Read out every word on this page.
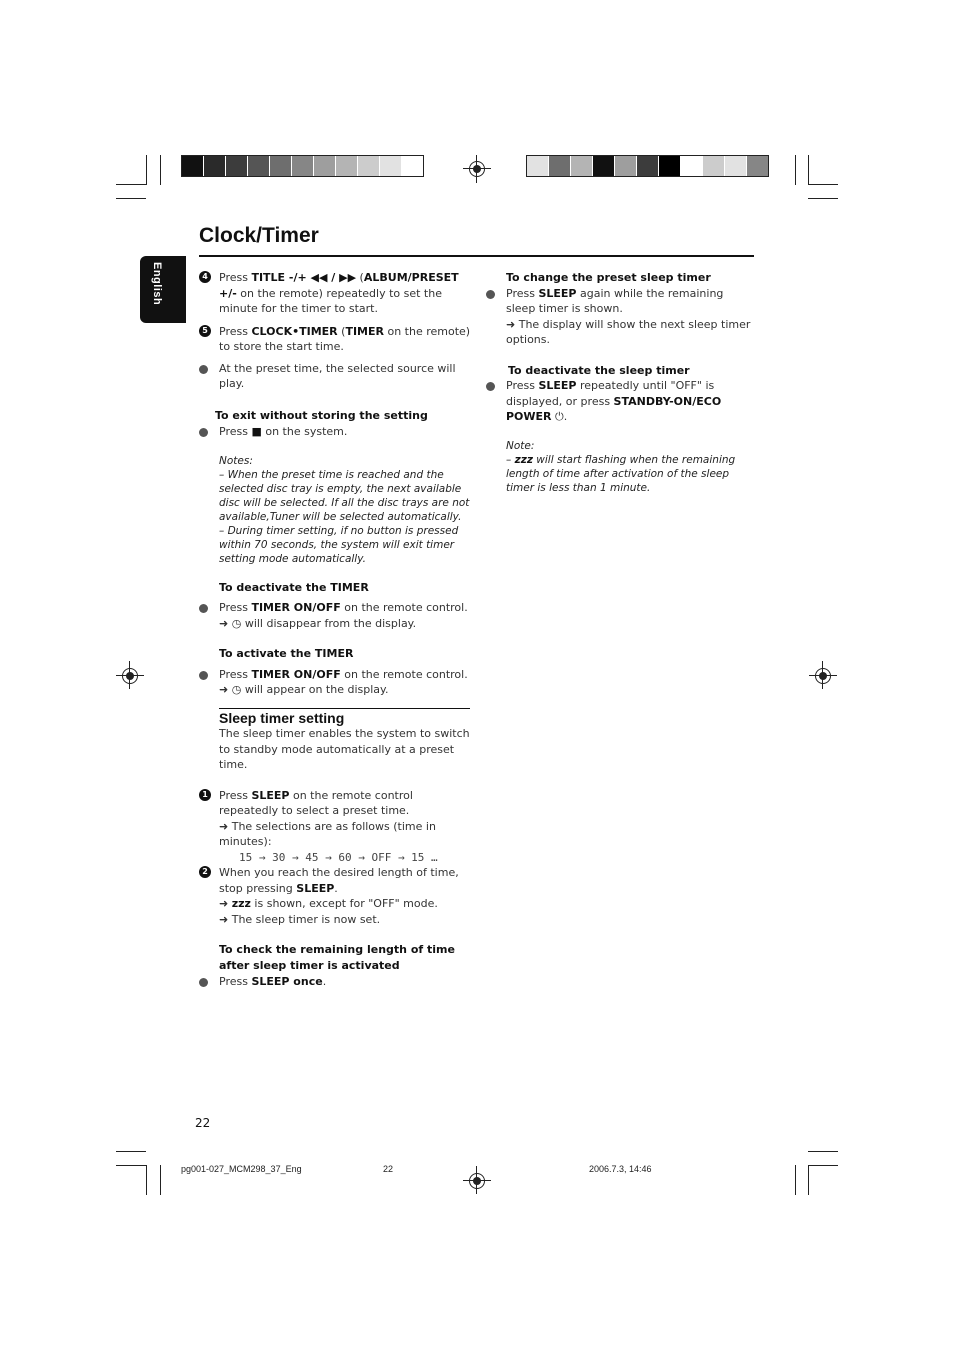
Clock/Timer
English	4 Press TITLE -/+ ◀◀ / ▶▶ (ALBUM/PRESET +/- on the remote) repeatedly to set the minute for the timer to start.
5 Press CLOCK•TIMER (TIMER on the remote) to store the start time.
At the preset time, the selected source will play.
To exit without storing the setting
Press ■ on the system.
Notes:
– When the preset time is reached and the selected disc tray is empty, the next available disc will be selected. If all the disc trays are not available,Tuner will be selected automatically.
– During timer setting, if no button is pressed within 70 seconds, the system will exit timer setting mode automatically.
To deactivate the TIMER
Press TIMER ON/OFF on the remote control.
➜ ◷ will disappear from the display.
To activate the TIMER
Press TIMER ON/OFF on the remote control.
➜ ◷ will appear on the display.
Sleep timer setting
The sleep timer enables the system to switch to standby mode automatically at a preset time.
1 Press SLEEP on the remote control repeatedly to select a preset time.
➜ The selections are as follows (time in minutes):
15 → 30 → 45 → 60 → OFF → 15 …
2 When you reach the desired length of time, stop pressing SLEEP.
➜ zzz is shown, except for "OFF" mode.
➜ The sleep timer is now set.
To check the remaining length of time after sleep timer is activated
Press SLEEP once.
To change the preset sleep timer
Press SLEEP again while the remaining sleep timer is shown.
➜ The display will show the next sleep timer options.
To deactivate the sleep timer
Press SLEEP repeatedly until "OFF" is displayed, or press STANDBY-ON/ECO POWER ⏻.
Note:
– zzz will start flashing when the remaining length of time after activation of the sleep timer is less than 1 minute.
22
pg001-027_MCM298_37_Eng	22	2006.7.3, 14:46
